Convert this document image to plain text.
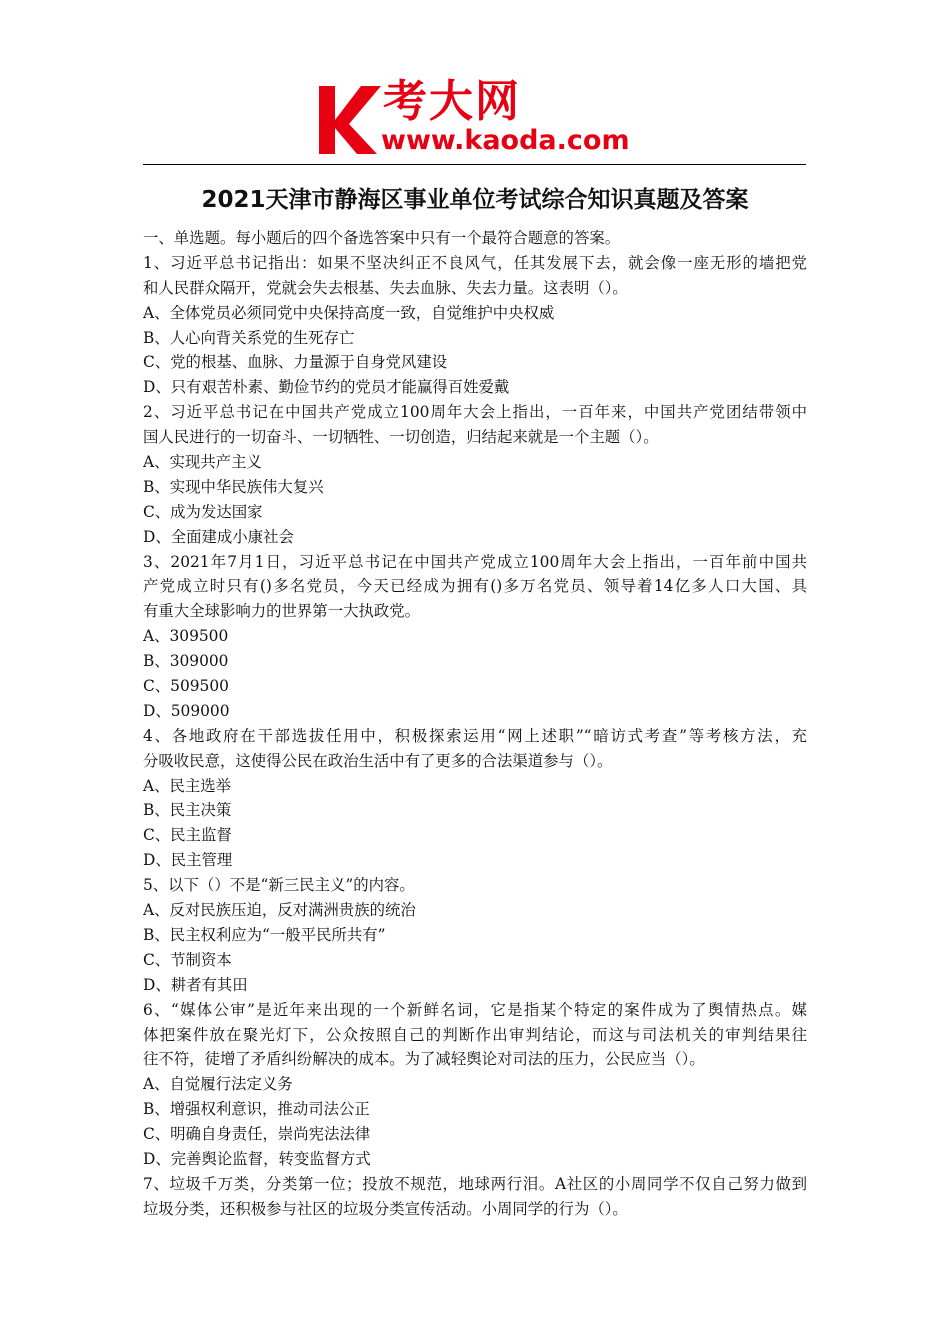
考大网
www.kaoda.com
2021天津市静海区事业单位考试综合知识真题及答案
一、单选题。每小题后的四个备选答案中只有一个最符合题意的答案。
1、习近平总书记指出：如果不坚决纠正不良风气，任其发展下去，就会像一座无形的墙把党
和人民群众隔开，党就会失去根基、失去血脉、失去力量。这表明（）。
A、全体党员必须同党中央保持高度一致，自觉维护中央权威
B、人心向背关系党的生死存亡
C、党的根基、血脉、力量源于自身党风建设
D、只有艰苦朴素、勤俭节约的党员才能赢得百姓爱戴
2、习近平总书记在中国共产党成立100周年大会上指出，一百年来，中国共产党团结带领中
国人民进行的一切奋斗、一切牺牲、一切创造，归结起来就是一个主题（）。
A、实现共产主义
B、实现中华民族伟大复兴
C、成为发达国家
D、全面建成小康社会
3、2021年7月1日，习近平总书记在中国共产党成立100周年大会上指出，一百年前中国共
产党成立时只有()多名党员，今天已经成为拥有()多万名党员、领导着14亿多人口大国、具
有重大全球影响力的世界第一大执政党。
A、309500
B、309000
C、509500
D、509000
4、各地政府在干部选拔任用中，积极探索运用“网上述职”“暗访式考查”等考核方法，充
分吸收民意，这使得公民在政治生活中有了更多的合法渠道参与（）。
A、民主选举
B、民主决策
C、民主监督
D、民主管理
5、以下（）不是“新三民主义”的内容。
A、反对民族压迫，反对满洲贵族的统治
B、民主权利应为“一般平民所共有”
C、节制资本
D、耕者有其田
6、“媒体公审”是近年来出现的一个新鲜名词，它是指某个特定的案件成为了舆情热点。媒
体把案件放在聚光灯下，公众按照自己的判断作出审判结论，而这与司法机关的审判结果往
往不符，徒增了矛盾纠纷解决的成本。为了减轻舆论对司法的压力，公民应当（）。
A、自觉履行法定义务
B、增强权利意识，推动司法公正
C、明确自身责任，崇尚宪法法律
D、完善舆论监督，转变监督方式
7、垃圾千万类，分类第一位；投放不规范，地球两行泪。A社区的小周同学不仅自己努力做到
垃圾分类，还积极参与社区的垃圾分类宣传活动。小周同学的行为（）。
